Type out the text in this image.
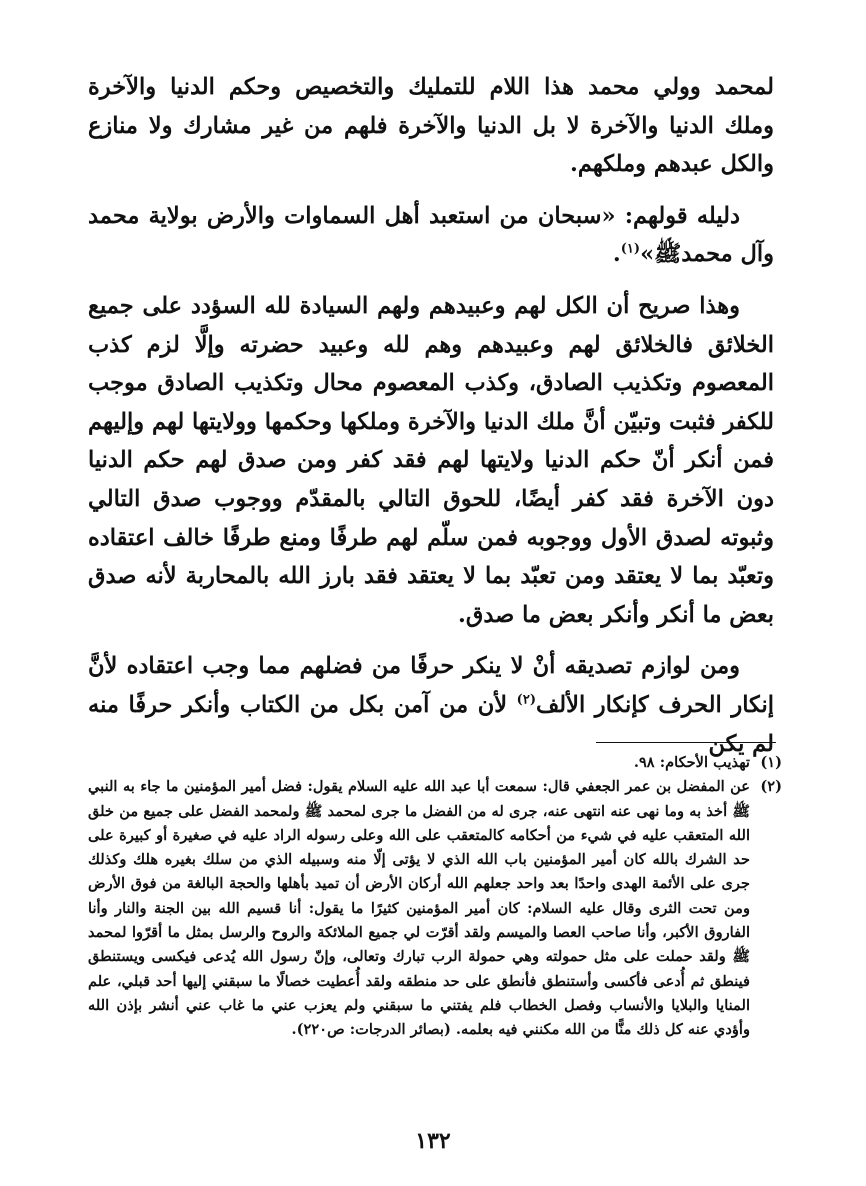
لمحمد وولي محمد هذا اللام للتمليك والتخصيص وحكم الدنيا والآخرة وملك الدنيا والآخرة لا بل الدنيا والآخرة فلهم من غير مشارك ولا منازع والكل عبدهم وملكهم.

دليله قولهم: «سبحان من استعبد أهل السماوات والأرض بولاية محمد وآل محمدﷺ»$^{(١)}$.

وهذا صريح أن الكل لهم وعبيدهم ولهم السيادة لله السؤدد على جميع الخلائق فالخلائق لهم وعبيدهم وهم لله وعبيد حضرته وإلَّا لزم كذب المعصوم وتكذيب الصادق، وكذب المعصوم محال وتكذيب الصادق موجب للكفر فثبت وتبيّن أنَّ ملك الدنيا والآخرة وملكها وحكمها وولايتها لهم وإليهم فمن أنكر أنّ حكم الدنيا ولايتها لهم فقد كفر ومن صدق لهم حكم الدنيا دون الآخرة فقد كفر أيضًا، للحوق التالي بالمقدّم ووجوب صدق التالي وثبوته لصدق الأول ووجوبه فمن سلّم لهم طرفًا ومنع طرفًا خالف اعتقاده وتعبّد بما لا يعتقد ومن تعبّد بما لا يعتقد فقد بارز الله بالمحاربة لأنه صدق بعض ما أنكر وأنكر بعض ما صدق.

ومن لوازم تصديقه أنْ لا ينكر حرفًا من فضلهم مما وجب اعتقاده لأنَّ إنكار الحرف كإنكار الألف$^{(٢)}$ لأن من آمن بكل من الكتاب وأنكر حرفًا منه لم يكن

(١)
تهذيب الأحكام: ٩٨.
(٢)
عن المفضل بن عمر الجعفي قال: سمعت أبا عبد الله عليه السلام يقول: فضل أمير المؤمنين ما جاء به النبي ﷺ أخذ به وما نهى عنه انتهى عنه، جرى له من الفضل ما جرى لمحمد ﷺ ولمحمد الفضل على جميع من خلق الله المتعقب عليه في شيء من أحكامه كالمتعقب على الله وعلى رسوله الراد عليه في صغيرة أو كبيرة على حد الشرك بالله كان أمير المؤمنين باب الله الذي لا يؤتى إلّا منه وسبيله الذي من سلك بغيره هلك وكذلك جرى على الأئمة الهدى واحدًا بعد واحد جعلهم الله أركان الأرض أن تميد بأهلها والحجة البالغة من فوق الأرض ومن تحت الثرى وقال عليه السلام: كان أمير المؤمنين كثيرًا ما يقول: أنا قسيم الله بين الجنة والنار وأنا الفاروق الأكبر، وأنا صاحب العصا والميسم ولقد أقرّت لي جميع الملائكة والروح والرسل بمثل ما أقرّوا لمحمد ﷺ ولقد حملت على مثل حمولته وهي حمولة الرب تبارك وتعالى، وإنّ رسول الله يُدعى فيكسى ويستنطق فينطق ثم أُدعى فأكسى وأستنطق فأنطق على حد منطقه ولقد أُعطيت خصالًا ما سبقني إليها أحد قبلي، علم المنايا والبلايا والأنساب وفصل الخطاب فلم يفتني ما سبقني ولم يعزب عني ما غاب عني أنشر بإذن الله وأؤدي عنه كل ذلك منًّا من الله مكنني فيه بعلمه. (بصائر الدرجات: ص٢٢٠).
١٣٢
